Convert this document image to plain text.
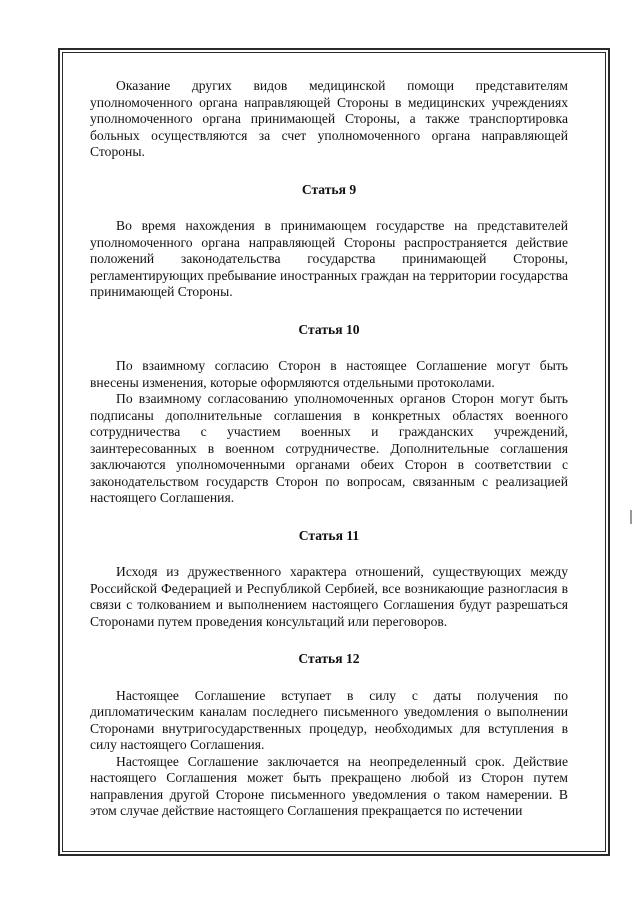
Оказание других видов медицинской помощи представителям уполномоченного органа направляющей Стороны в медицинских учреждениях уполномоченного органа принимающей Стороны, а также транспортировка больных осуществляются за счет уполномоченного органа направляющей Стороны.

Статья 9

Во время нахождения в принимающем государстве на представителей уполномоченного органа направляющей Стороны распространяется действие положений законодательства государства принимающей Стороны, регламентирующих пребывание иностранных граждан на территории государства принимающей Стороны.

Статья 10

По взаимному согласию Сторон в настоящее Соглашение могут быть внесены изменения, которые оформляются отдельными протоколами.

По взаимному согласованию уполномоченных органов Сторон могут быть подписаны дополнительные соглашения в конкретных областях военного сотрудничества с участием военных и гражданских учреждений, заинтересованных в военном сотрудничестве. Дополнительные соглашения заключаются уполномоченными органами обеих Сторон в соответствии с законодательством государств Сторон по вопросам, связанным с реализацией настоящего Соглашения.

Статья 11

Исходя из дружественного характера отношений, существующих между Российской Федерацией и Республикой Сербией, все возникающие разногласия в связи с толкованием и выполнением настоящего Соглашения будут разрешаться Сторонами путем проведения консультаций или переговоров.

Статья 12

Настоящее Соглашение вступает в силу с даты получения по дипломатическим каналам последнего письменного уведомления о выполнении Сторонами внутригосударственных процедур, необходимых для вступления в силу настоящего Соглашения.

Настоящее Соглашение заключается на неопределенный срок. Действие настоящего Соглашения может быть прекращено любой из Сторон путем направления другой Стороне письменного уведомления о таком намерении. В этом случае действие настоящего Соглашения прекращается по истечении
